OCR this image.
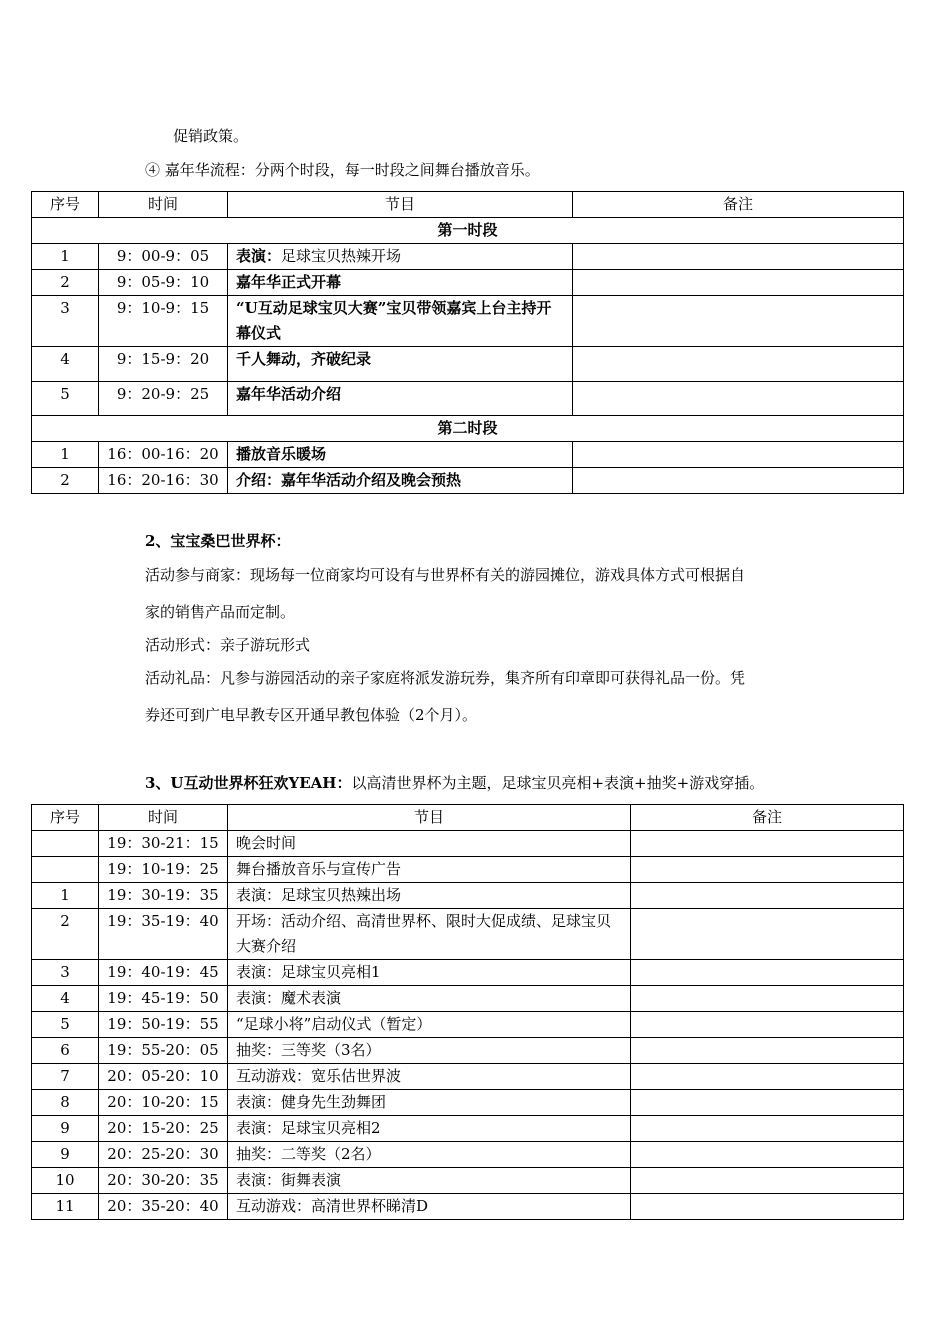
促销政策。
④ 嘉年华流程：分两个时段，每一时段之间舞台播放音乐。
序号	时间	节目	备注
第一时段			
1	9：00-9：05	表演：足球宝贝热辣开场	
2	9：05-9：10	嘉年华正式开幕	
3	9：10-9：15	“U互动足球宝贝大赛”宝贝带领嘉宾上台主持开幕仪式	
4	9：15-9：20	千人舞动，齐破纪录	
5	9：20-9：25	嘉年华活动介绍	
第二时段			
1	16：00-16：20	播放音乐暖场	
2	16：20-16：30	介绍：嘉年华活动介绍及晚会预热	
2、宝宝桑巴世界杯：
活动参与商家：现场每一位商家均可设有与世界杯有关的游园摊位，游戏具体方式可根据自
家的销售产品而定制。
活动形式：亲子游玩形式
活动礼品：凡参与游园活动的亲子家庭将派发游玩券，集齐所有印章即可获得礼品一份。凭
券还可到广电早教专区开通早教包体验（2个月）。
3、U互动世界杯狂欢YEAH：以高清世界杯为主题，足球宝贝亮相+表演+抽奖+游戏穿插。
序号	时间	节目	备注
	19：30-21：15	晚会时间	
	19：10-19：25	舞台播放音乐与宣传广告	
1	19：30-19：35	表演：足球宝贝热辣出场	
2	19：35-19：40	开场：活动介绍、高清世界杯、限时大促成绩、足球宝贝大赛介绍	
3	19：40-19：45	表演：足球宝贝亮相1	
4	19：45-19：50	表演：魔术表演	
5	19：50-19：55	“足球小将”启动仪式（暂定）	
6	19：55-20：05	抽奖：三等奖（3名）	
7	20：05-20：10	互动游戏：宽乐估世界波	
8	20：10-20：15	表演：健身先生劲舞团	
9	20：15-20：25	表演：足球宝贝亮相2	
9	20：25-20：30	抽奖：二等奖（2名）	
10	20：30-20：35	表演：街舞表演	
11	20：35-20：40	互动游戏：高清世界杯睇清D	
